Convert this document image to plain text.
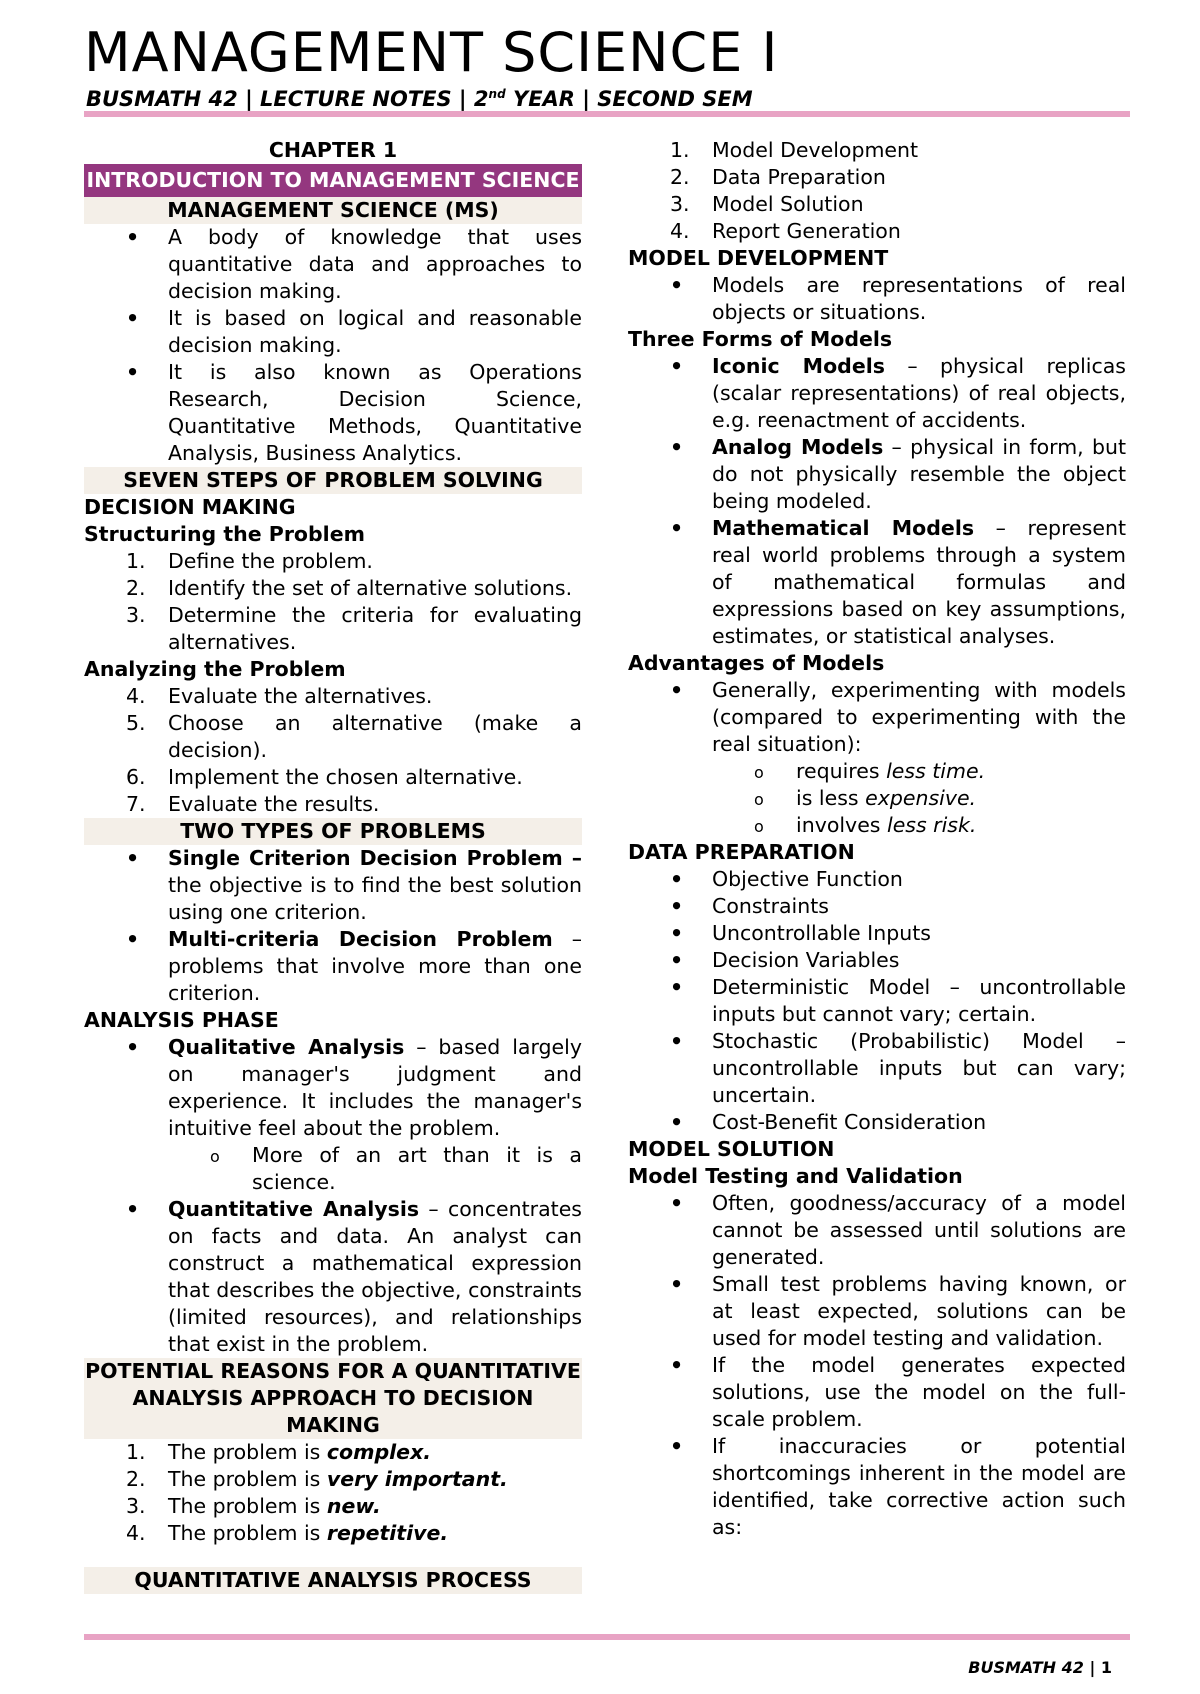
MANAGEMENT SCIENCE I
BUSMATH 42 | LECTURE NOTES | 2nd YEAR | SECOND SEM
CHAPTER 1
INTRODUCTION TO MANAGEMENT SCIENCE
MANAGEMENT SCIENCE (MS)
• A body of knowledge that uses quantitative data and approaches to decision making.
• It is based on logical and reasonable decision making.
• It is also known as Operations Research, Decision Science, Quantitative Methods, Quantitative Analysis, Business Analytics.
SEVEN STEPS OF PROBLEM SOLVING
DECISION MAKING
Structuring the Problem
1. Define the problem.
2. Identify the set of alternative solutions.
3. Determine the criteria for evaluating alternatives.
Analyzing the Problem
4. Evaluate the alternatives.
5. Choose an alternative (make a decision).
6. Implement the chosen alternative.
7. Evaluate the results.
TWO TYPES OF PROBLEMS
• Single Criterion Decision Problem – the objective is to find the best solution using one criterion.
• Multi-criteria Decision Problem – problems that involve more than one criterion.
ANALYSIS PHASE
• Qualitative Analysis – based largely on manager's judgment and experience. It includes the manager's intuitive feel about the problem.
o More of an art than it is a science.
• Quantitative Analysis – concentrates on facts and data. An analyst can construct a mathematical expression that describes the objective, constraints (limited resources), and relationships that exist in the problem.
POTENTIAL REASONS FOR A QUANTITATIVE ANALYSIS APPROACH TO DECISION MAKING
1. The problem is complex.
2. The problem is very important.
3. The problem is new.
4. The problem is repetitive.
QUANTITATIVE ANALYSIS PROCESS
1. Model Development
2. Data Preparation
3. Model Solution
4. Report Generation
MODEL DEVELOPMENT
• Models are representations of real objects or situations.
Three Forms of Models
• Iconic Models – physical replicas (scalar representations) of real objects, e.g. reenactment of accidents.
• Analog Models – physical in form, but do not physically resemble the object being modeled.
• Mathematical Models – represent real world problems through a system of mathematical formulas and expressions based on key assumptions, estimates, or statistical analyses.
Advantages of Models
• Generally, experimenting with models (compared to experimenting with the real situation):
o requires less time.
o is less expensive.
o involves less risk.
DATA PREPARATION
• Objective Function
• Constraints
• Uncontrollable Inputs
• Decision Variables
• Deterministic Model – uncontrollable inputs but cannot vary; certain.
• Stochastic (Probabilistic) Model – uncontrollable inputs but can vary; uncertain.
• Cost-Benefit Consideration
MODEL SOLUTION
Model Testing and Validation
• Often, goodness/accuracy of a model cannot be assessed until solutions are generated.
• Small test problems having known, or at least expected, solutions can be used for model testing and validation.
• If the model generates expected solutions, use the model on the full-scale problem.
• If inaccuracies or potential shortcomings inherent in the model are identified, take corrective action such as:
BUSMATH 42 | 1
